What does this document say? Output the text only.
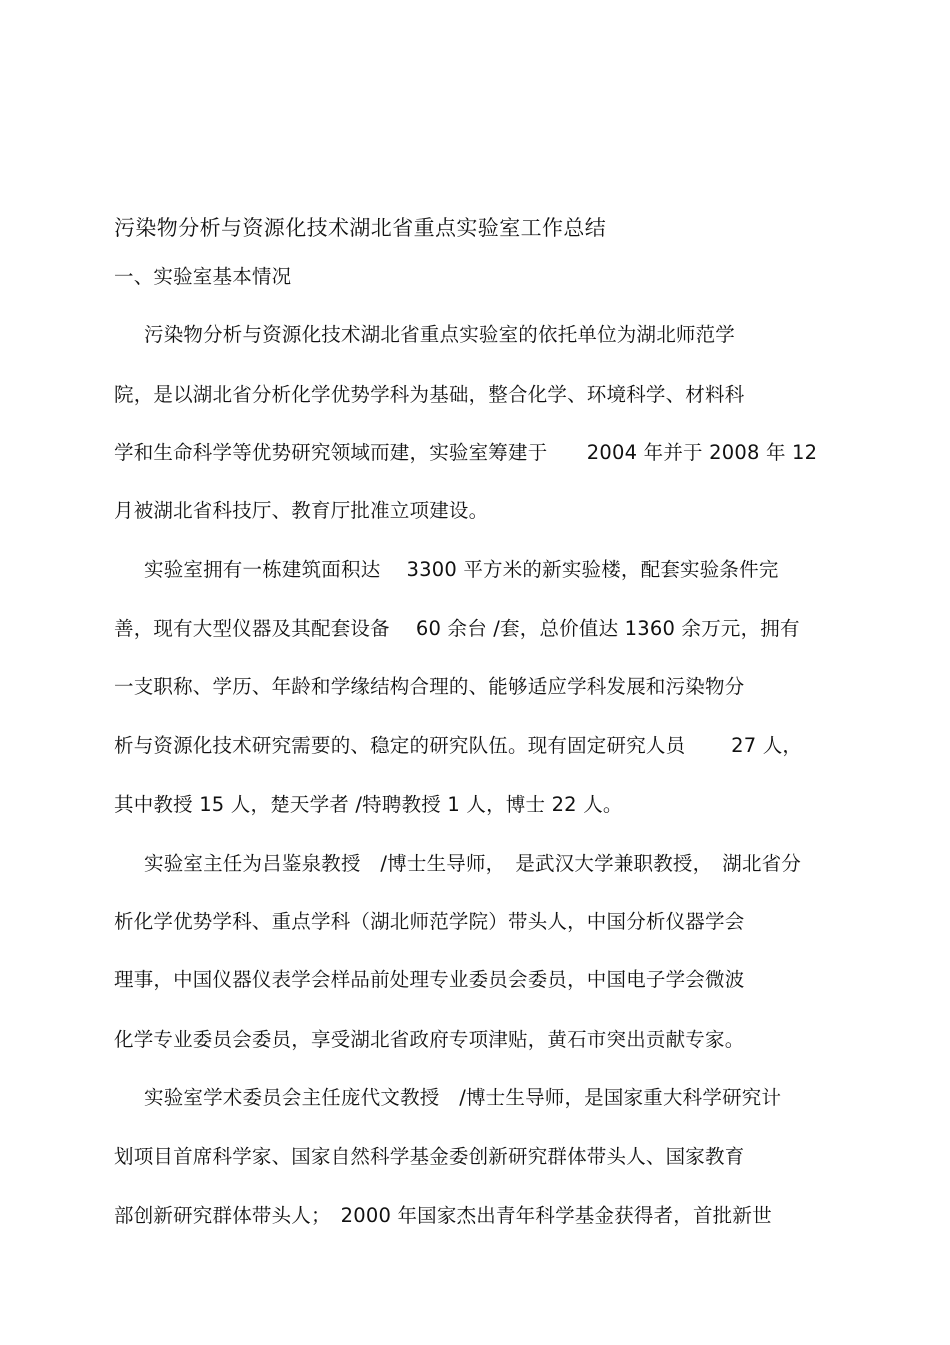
污染物分析与资源化技术湖北省重点实验室工作总结
一、实验室基本情况
污染物分析与资源化技术湖北省重点实验室的依托单位为湖北师范学
院，是以湖北省分析化学优势学科为基础，整合化学、环境科学、材料科
学和生命科学等优势研究领域而建，实验室筹建于　　2004 年并于 2008 年 12
月被湖北省科技厅、教育厅批准立项建设。
实验室拥有一栋建筑面积达　 3300 平方米的新实验楼，配套实验条件完
善，现有大型仪器及其配套设备　 60 余台 /套，总价值达 1360 余万元，拥有
一支职称、学历、年龄和学缘结构合理的、能够适应学科发展和污染物分
析与资源化技术研究需要的、稳定的研究队伍。现有固定研究人员　　 27 人，
其中教授 15 人，楚天学者 /特聘教授 1 人，博士 22 人。
实验室主任为吕鉴泉教授　/博士生导师，　是武汉大学兼职教授，　湖北省分
析化学优势学科、重点学科（湖北师范学院）带头人，中国分析仪器学会
理事，中国仪器仪表学会样品前处理专业委员会委员，中国电子学会微波
化学专业委员会委员，享受湖北省政府专项津贴，黄石市突出贡献专家。
实验室学术委员会主任庞代文教授　/博士生导师，是国家重大科学研究计
划项目首席科学家、国家自然科学基金委创新研究群体带头人、国家教育
部创新研究群体带头人；　2000 年国家杰出青年科学基金获得者，首批新世
